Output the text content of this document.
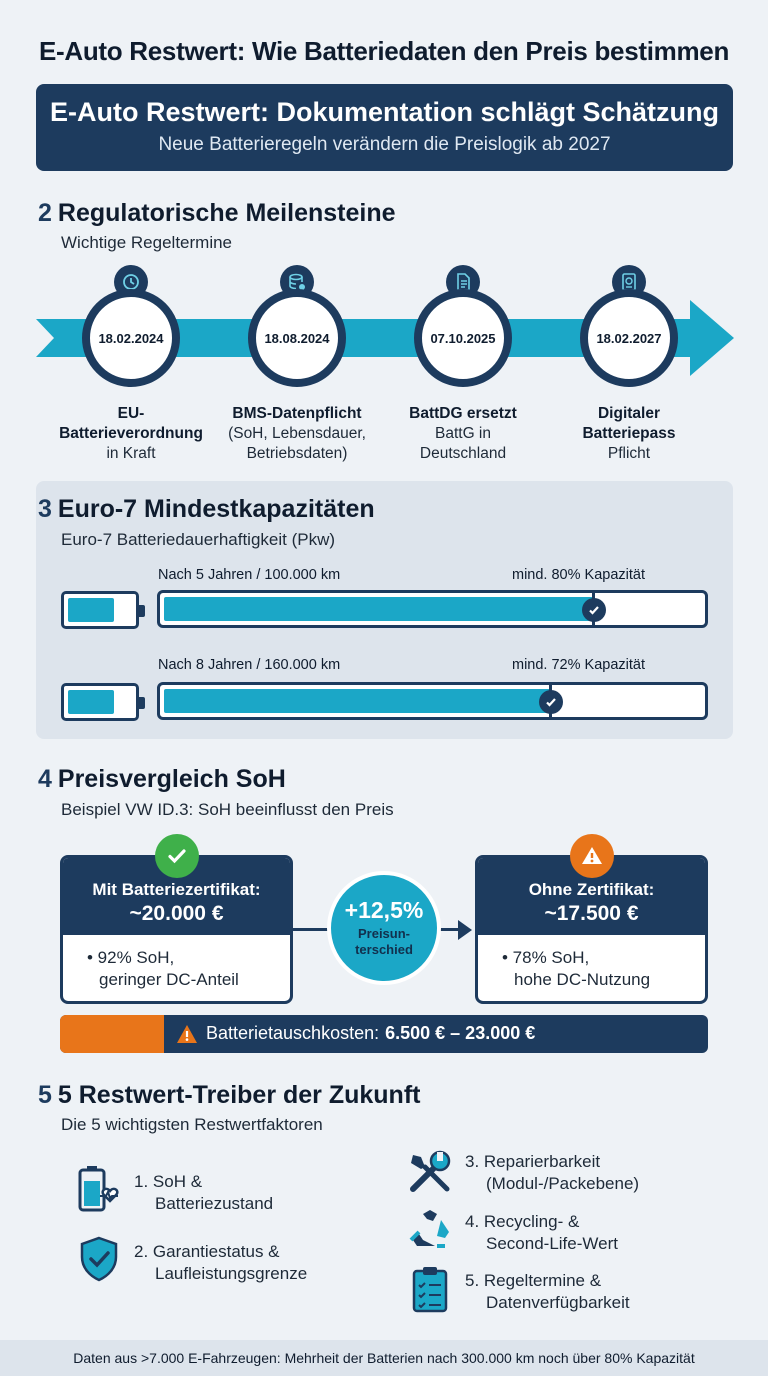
E-Auto Restwert: Wie Batteriedaten den Preis bestimmen
E-Auto Restwert: Dokumentation schlägt Schätzung
Neue Batterieregeln verändern die Preislogik ab 2027
2 Regulatorische Meilensteine
Wichtige Regeltermine
18.02.2024
EU-
Batterieverordnung
in Kraft
18.08.2024
BMS-Datenpflicht
(SoH, Lebensdauer,
Betriebsdaten)
07.10.2025
BattDG ersetzt
BattG in
Deutschland
18.02.2027
Digitaler
Batteriepass
Pflicht
3 Euro-7 Mindestkapazitäten
Euro-7 Batteriedauerhaftigkeit (Pkw)
Nach 5 Jahren / 100.000 km	mind. 80% Kapazität
Nach 8 Jahren / 160.000 km	mind. 72% Kapazität
4 Preisvergleich SoH
Beispiel VW ID.3: SoH beeinflusst den Preis
Mit Batteriezertifikat:
~20.000 €
• 92% SoH,
geringer DC-Anteil
+12,5%
Preisun-
terschied
Ohne Zertifikat:
~17.500 €
• 78% SoH,
hohe DC-Nutzung
Batterietauschkosten: 6.500 € – 23.000 €
5 5 Restwert-Treiber der Zukunft
Die 5 wichtigsten Restwertfaktoren
1. SoH &
Batteriezustand
2. Garantiestatus &
Laufleistungsgrenze
3. Reparierbarkeit
(Modul-/Packebene)
4. Recycling- &
Second-Life-Wert
5. Regeltermine &
Datenverfügbarkeit
Daten aus >7.000 E-Fahrzeugen: Mehrheit der Batterien nach 300.000 km noch über 80% Kapazität
